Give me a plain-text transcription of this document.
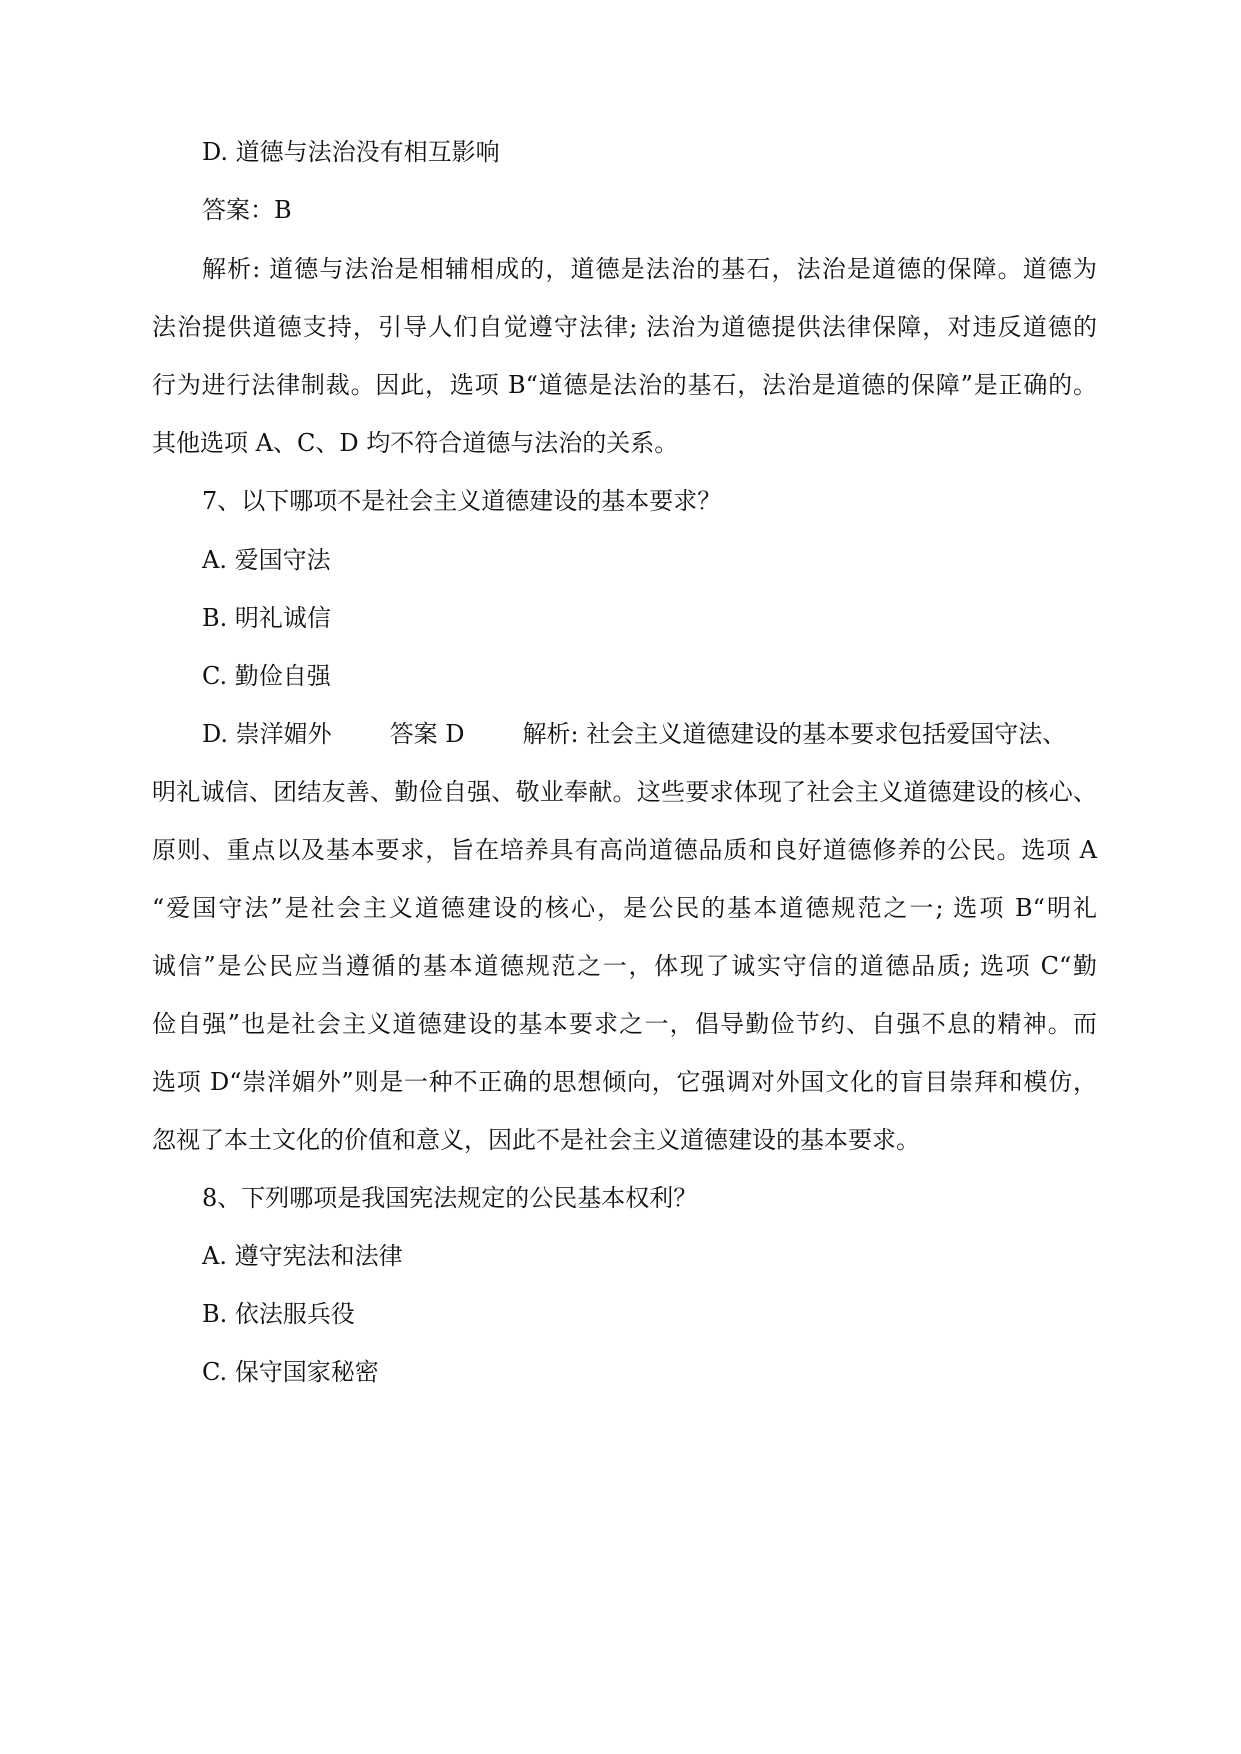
D. 道德与法治没有相互影响
答案：B
解析: 道德与法治是相辅相成的，道德是法治的基石，法治是道德的保障。道德为
法治提供道德支持，引导人们自觉遵守法律; 法治为道德提供法律保障，对违反道德的
行为进行法律制裁。因此，选项 B“道德是法治的基石，法治是道德的保障”是正确的。
其他选项 A、C、D 均不符合道德与法治的关系。
7、以下哪项不是社会主义道德建设的基本要求？
A. 爱国守法
B. 明礼诚信
C. 勤俭自强
D. 崇洋媚外 答案 D 解析: 社会主义道德建设的基本要求包括爱国守法、
明礼诚信、团结友善、勤俭自强、敬业奉献。这些要求体现了社会主义道德建设的核心、
原则、重点以及基本要求，旨在培养具有高尚道德品质和良好道德修养的公民。选项 A
“爱国守法”是社会主义道德建设的核心，是公民的基本道德规范之一; 选项 B“明礼
诚信”是公民应当遵循的基本道德规范之一，体现了诚实守信的道德品质; 选项 C“勤
俭自强”也是社会主义道德建设的基本要求之一，倡导勤俭节约、自强不息的精神。而
选项 D“崇洋媚外”则是一种不正确的思想倾向，它强调对外国文化的盲目崇拜和模仿，
忽视了本土文化的价值和意义，因此不是社会主义道德建设的基本要求。
8、下列哪项是我国宪法规定的公民基本权利？
A. 遵守宪法和法律
B. 依法服兵役
C. 保守国家秘密
